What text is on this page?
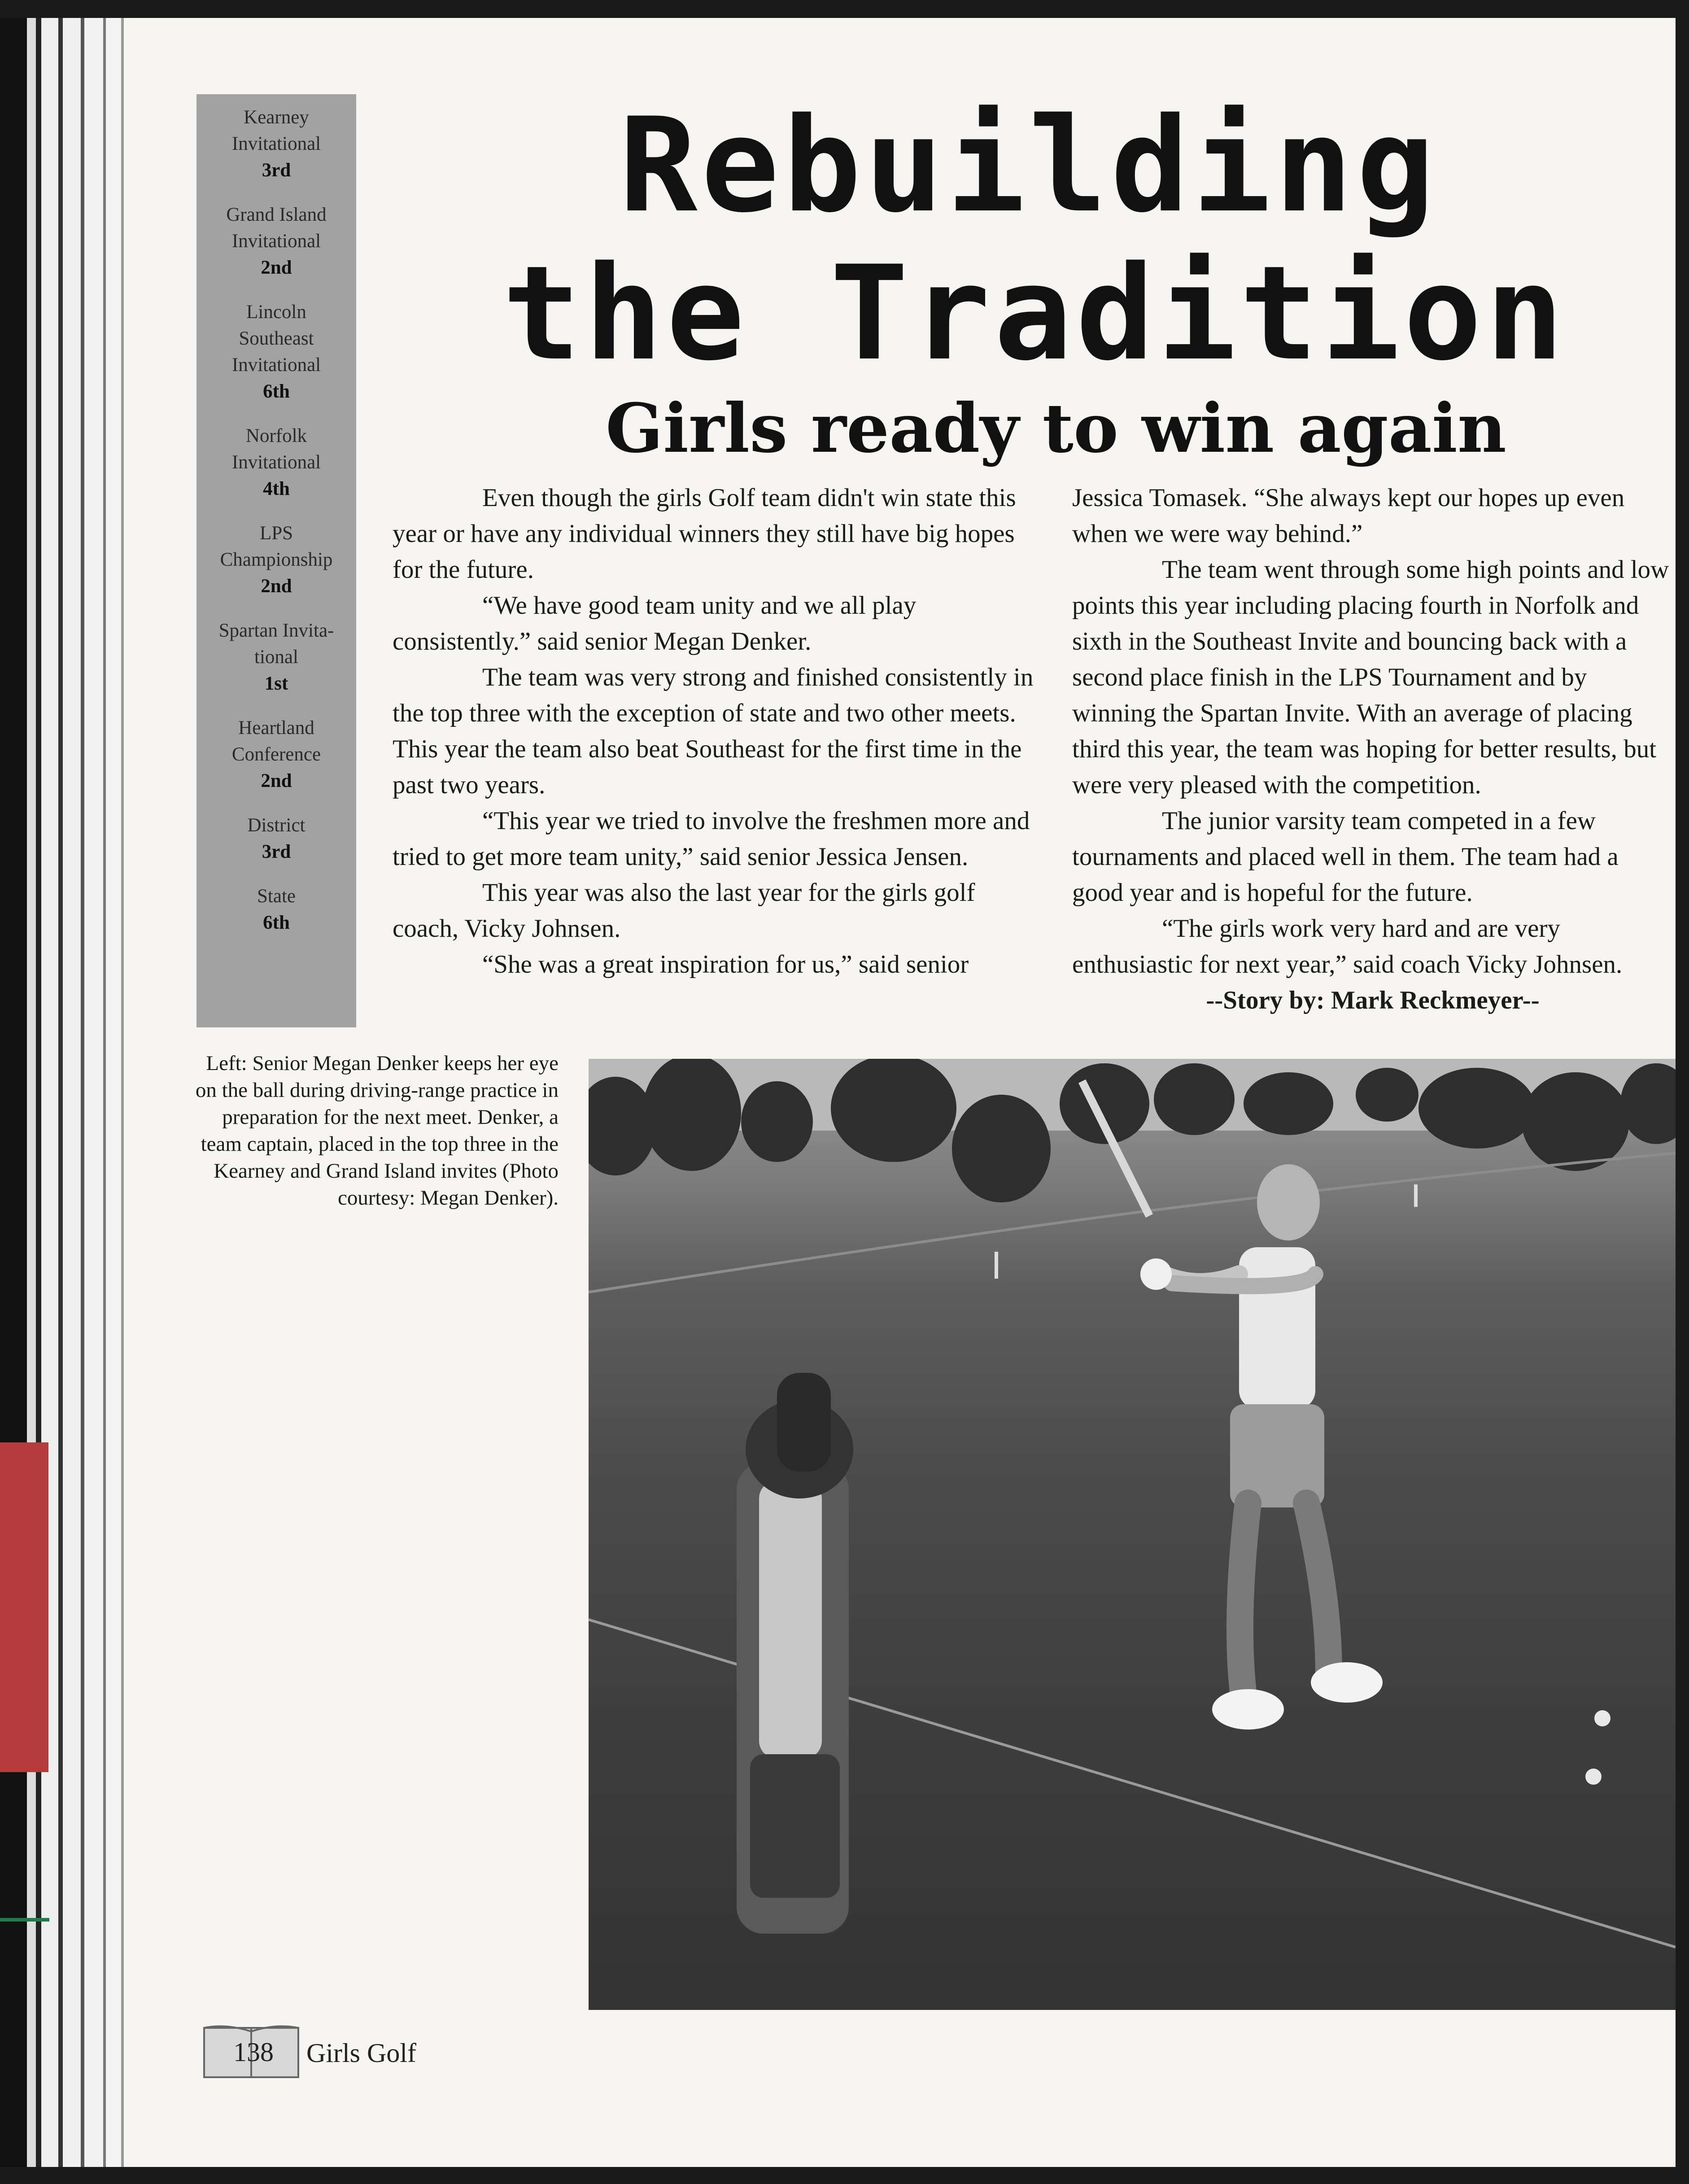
Kearney
Invitational
3rd
Grand Island
Invitational
2nd
Lincoln
Southeast
Invitational
6th
Norfolk
Invitational
4th
LPS
Championship
2nd
Spartan Invita-
tional
1st
Heartland
Conference
2nd
District
3rd
State
6th
Rebuilding
the Tradition
Girls ready to win again

Even though the girls Golf team didn't win state this year or have any individual winners they still have big hopes for the future.

“We have good team unity and we all play consistently.” said senior Megan Denker.

The team was very strong and finished consistently in the top three with the exception of state and two other meets. This year the team also beat Southeast for the first time in the past two years.

“This year we tried to involve the freshmen more and tried to get more team unity,” said senior Jessica Jensen.

This year was also the last year for the girls golf coach, Vicky Johnsen.

“She was a great inspiration for us,” said senior

Jessica Tomasek. “She always kept our hopes up even when we were way behind.”

The team went through some high points and low points this year including placing fourth in Norfolk and sixth in the Southeast Invite and bouncing back with a second place finish in the LPS Tournament and by winning the Spartan Invite. With an average of placing third this year, the team was hoping for better results, but were very pleased with the competition.

The junior varsity team competed in a few tournaments and placed well in them. The team had a good year and is hopeful for the future.

“The girls work very hard and are very enthusiastic for next year,” said coach Vicky Johnsen.

--Story by: Mark Reckmeyer--

Left: Senior Megan Denker keeps her eye on the ball during driving-range practice in preparation for the next meet. Denker, a team captain, placed in the top three in the Kearney and Grand Island invites (Photo courtesy: Megan Denker).
138 Girls Golf
